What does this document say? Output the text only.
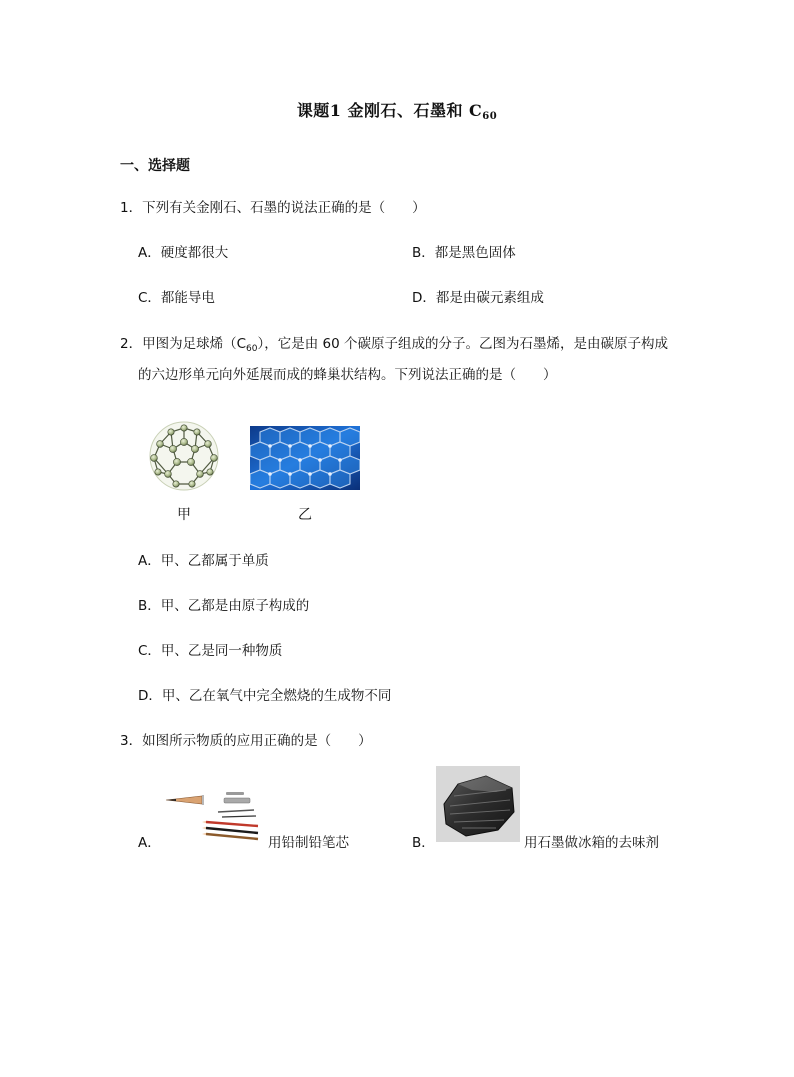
课题1 金刚石、石墨和 $C_{60}$
一、选择题
1．下列有关金刚石、石墨的说法正确的是（　　）
A．硬度都很大	B．都是黑色固体
C．都能导电	D．都是由碳元素组成
2．甲图为足球烯$(C_{60})$，它是由 60 个碳原子组成的分子。乙图为石墨烯，是由碳原子构成
的六边形单元向外延展而成的蜂巢状结构。下列说法正确的是（　　）
甲	乙
A．甲、乙都属于单质
B．甲、乙都是由原子构成的
C．甲、乙是同一种物质
D．甲、乙在氧气中完全燃烧的生成物不同
3．如图所示物质的应用正确的是（　　）
A．	用铅制铅笔芯	B．	用石墨做冰箱的去味剂
